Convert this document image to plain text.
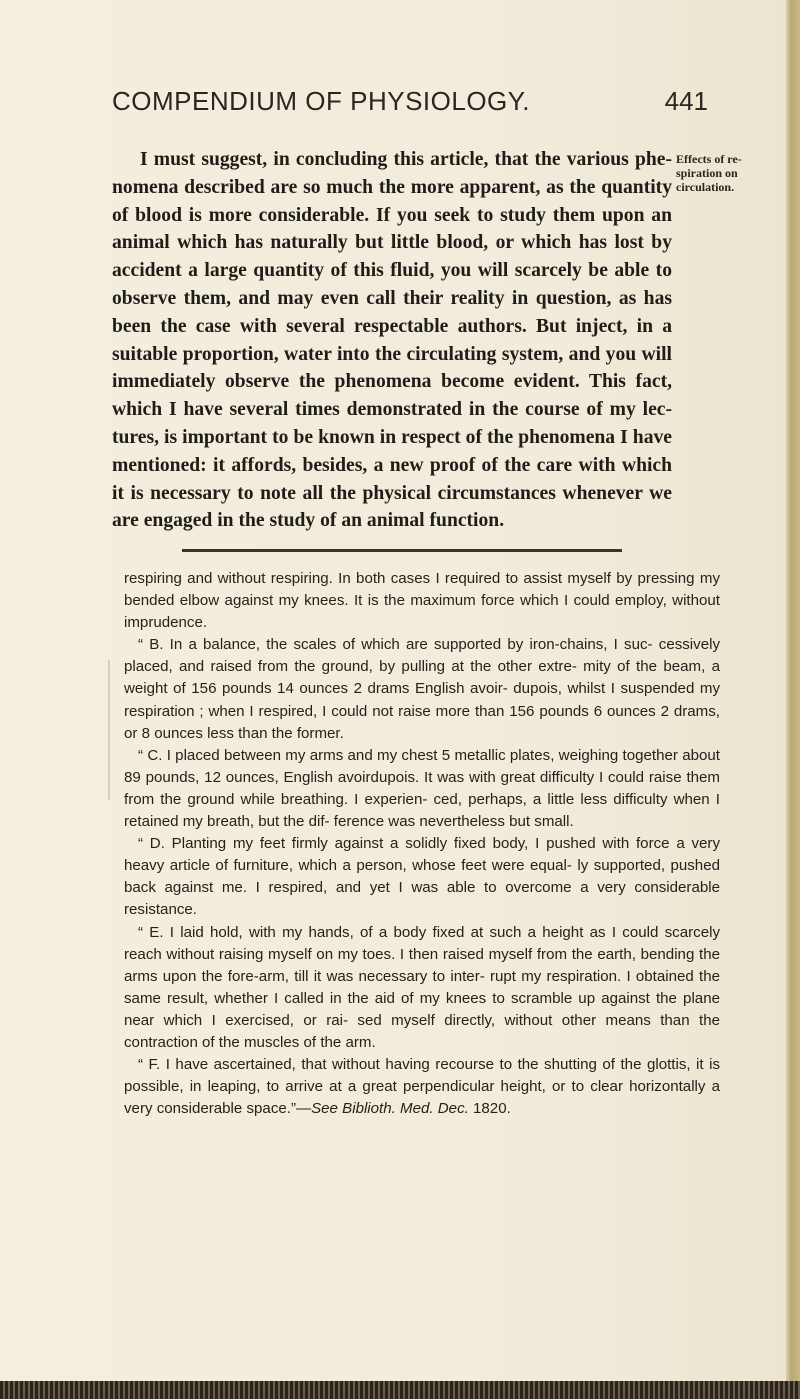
COMPENDIUM OF PHYSIOLOGY.	441

I must suggest, in concluding this article, that the various phe- nomena described are so much the more apparent, as the quantity of blood is more considerable. If you seek to study them upon an animal which has naturally but little blood, or which has lost by accident a large quantity of this fluid, you will scarcely be able to observe them, and may even call their reality in question, as has been the case with several respectable authors. But inject, in a suitable proportion, water into the circulating system, and you will immediately observe the phenomena become evident. This fact, which I have several times demonstrated in the course of my lec- tures, is important to be known in respect of the phenomena I have mentioned: it affords, besides, a new proof of the care with which it is necessary to note all the physical circumstances whenever we are engaged in the study of an animal function.

Effects of re- spiration on circulation.

respiring and without respiring. In both cases I required to assist myself by pressing my bended elbow against my knees. It is the maximum force which I could employ, without imprudence.

“ B. In a balance, the scales of which are supported by iron-chains, I suc- cessively placed, and raised from the ground, by pulling at the other extre- mity of the beam, a weight of 156 pounds 14 ounces 2 drams English avoir- dupois, whilst I suspended my respiration ; when I respired, I could not raise more than 156 pounds 6 ounces 2 drams, or 8 ounces less than the former.

“ C. I placed between my arms and my chest 5 metallic plates, weighing together about 89 pounds, 12 ounces, English avoirdupois. It was with great difficulty I could raise them from the ground while breathing. I experien- ced, perhaps, a little less difficulty when I retained my breath, but the dif- ference was nevertheless but small.

“ D. Planting my feet firmly against a solidly fixed body, I pushed with force a very heavy article of furniture, which a person, whose feet were equal- ly supported, pushed back against me. I respired, and yet I was able to overcome a very considerable resistance.

“ E. I laid hold, with my hands, of a body fixed at such a height as I could scarcely reach without raising myself on my toes. I then raised myself from the earth, bending the arms upon the fore-arm, till it was necessary to inter- rupt my respiration. I obtained the same result, whether I called in the aid of my knees to scramble up against the plane near which I exercised, or rai- sed myself directly, without other means than the contraction of the muscles of the arm.

“ F. I have ascertained, that without having recourse to the shutting of the glottis, it is possible, in leaping, to arrive at a great perpendicular height, or to clear horizontally a very considerable space.”—See Biblioth. Med. Dec. 1820.
